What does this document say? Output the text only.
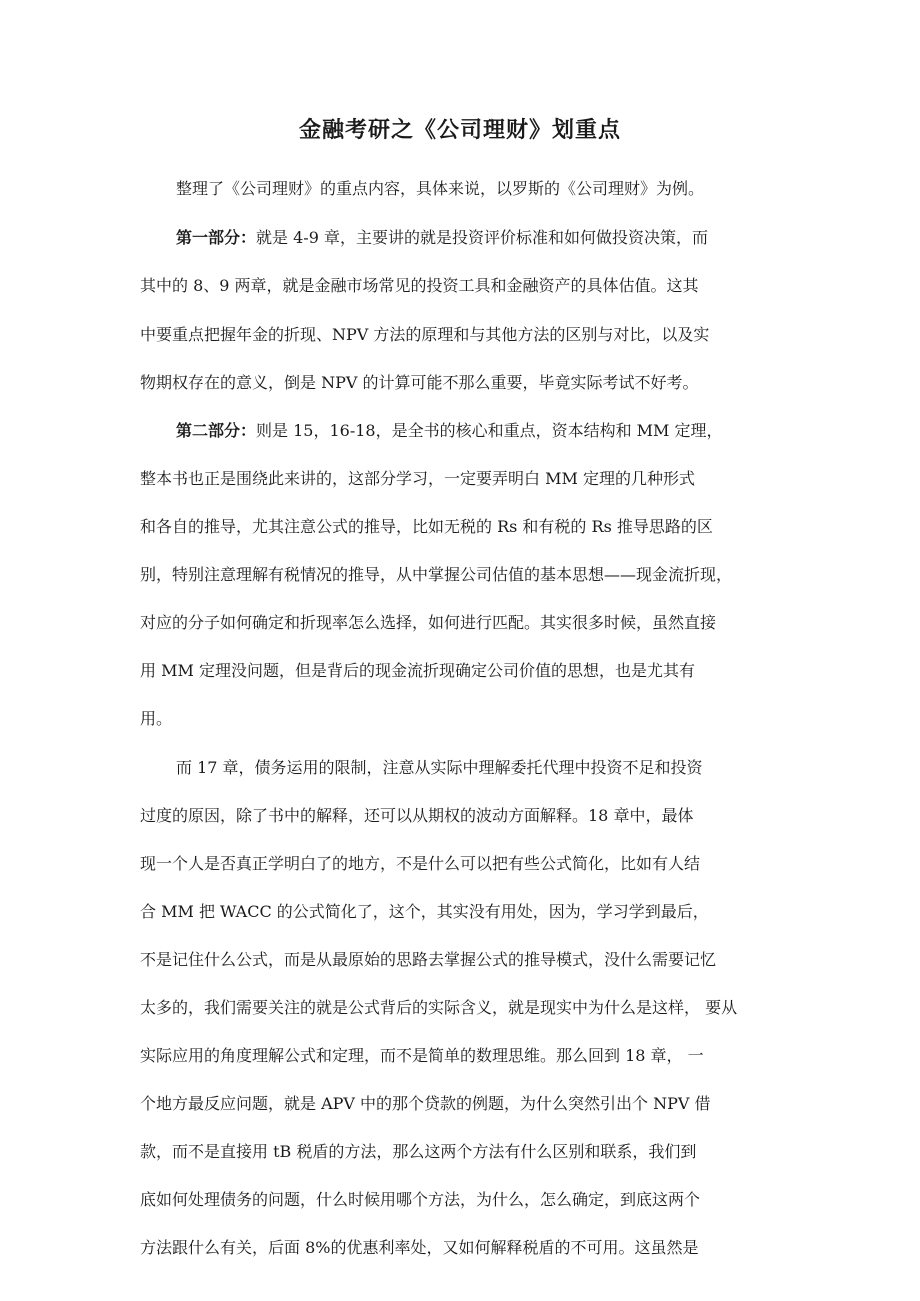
金融考研之《公司理财》划重点
整理了《公司理财》的重点内容，具体来说，以罗斯的《公司理财》为例。
第一部分：就是 4-9 章，主要讲的就是投资评价标准和如何做投资决策，而
其中的 8、9 两章，就是金融市场常见的投资工具和金融资产的具体估值。这其
中要重点把握年金的折现、NPV 方法的原理和与其他方法的区别与对比，以及实
物期权存在的意义，倒是 NPV 的计算可能不那么重要，毕竟实际考试不好考。
第二部分：则是 15，16-18，是全书的核心和重点，资本结构和 MM 定理，
整本书也正是围绕此来讲的，这部分学习，一定要弄明白 MM 定理的几种形式
和各自的推导，尤其注意公式的推导，比如无税的 Rs 和有税的 Rs 推导思路的区
别，特别注意理解有税情况的推导，从中掌握公司估值的基本思想——现金流折现，
对应的分子如何确定和折现率怎么选择，如何进行匹配。其实很多时候，虽然直接
用 MM 定理没问题，但是背后的现金流折现确定公司价值的思想，也是尤其有
用。
而 17 章，债务运用的限制，注意从实际中理解委托代理中投资不足和投资
过度的原因，除了书中的解释，还可以从期权的波动方面解释。18 章中，最体
现一个人是否真正学明白了的地方，不是什么可以把有些公式简化，比如有人结
合 MM 把 WACC 的公式简化了，这个，其实没有用处，因为，学习学到最后，
不是记住什么公式，而是从最原始的思路去掌握公式的推导模式，没什么需要记忆
太多的，我们需要关注的就是公式背后的实际含义，就是现实中为什么是这样， 要从
实际应用的角度理解公式和定理，而不是简单的数理思维。那么回到 18 章， 一
个地方最反应问题，就是 APV 中的那个贷款的例题，为什么突然引出个 NPV 借
款，而不是直接用 tB 税盾的方法，那么这两个方法有什么区别和联系，我们到
底如何处理债务的问题，什么时候用哪个方法，为什么，怎么确定，到底这两个
方法跟什么有关，后面 8%的优惠利率处，又如何解释税盾的不可用。这虽然是
